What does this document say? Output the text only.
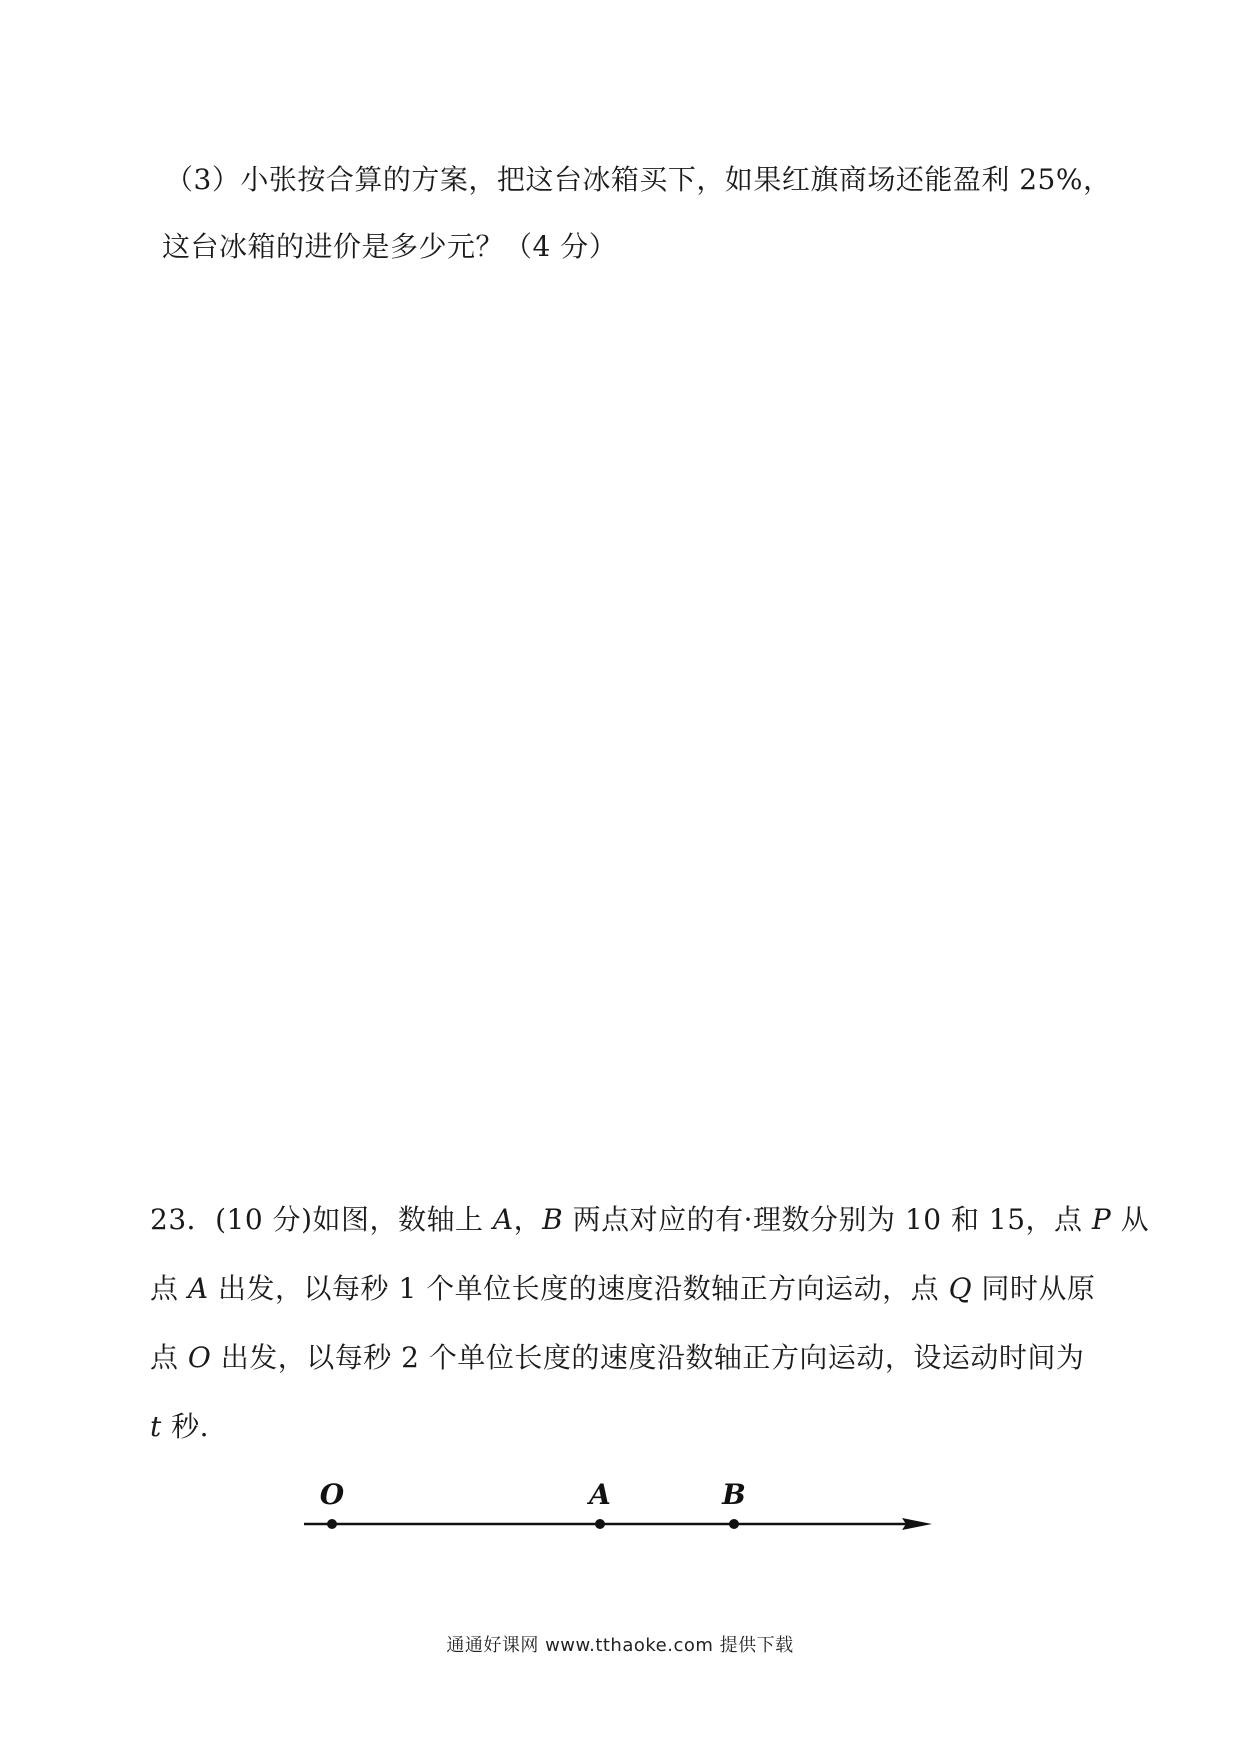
（3）小张按合算的方案，把这台冰箱买下，如果红旗商场还能盈利 25%，
这台冰箱的进价是多少元？（4 分）
23．(10 分)如图，数轴上 A，B 两点对应的有·理数分别为 10 和 15，点 P 从
点 A 出发，以每秒 1 个单位长度的速度沿数轴正方向运动，点 Q 同时从原
点 O 出发，以每秒 2 个单位长度的速度沿数轴正方向运动，设运动时间为
t 秒.
O	A	B
通通好课网 www.tthaoke.com 提供下载
